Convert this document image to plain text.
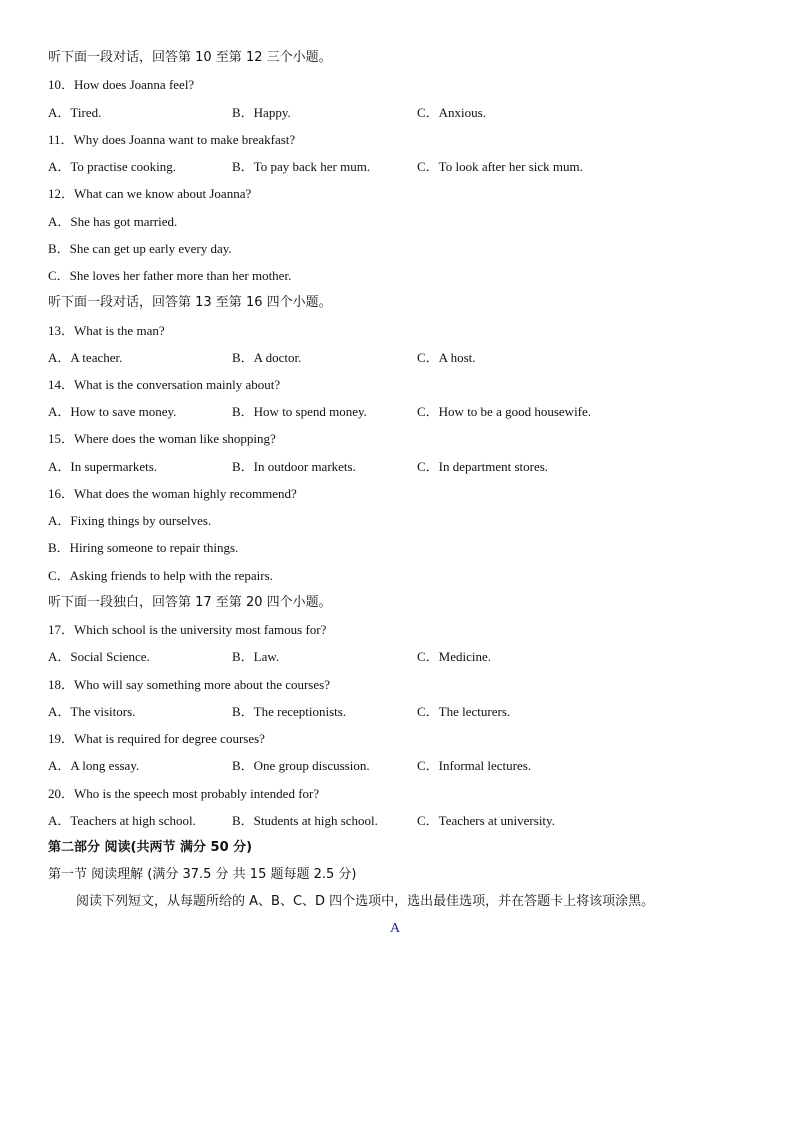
听下面一段对话，回答第 10 至第 12 三个小题。
10．How does Joanna feel?
A．Tired.	B．Happy.	C．Anxious.
11．Why does Joanna want to make breakfast?
A．To practise cooking.	B．To pay back her mum.	C．To look after her sick mum.
12．What can we know about Joanna?
A．She has got married.
B．She can get up early every day.
C．She loves her father more than her mother.
听下面一段对话，回答第 13 至第 16 四个小题。
13．What is the man?
A．A teacher.	B．A doctor.	C．A host.
14．What is the conversation mainly about?
A．How to save money.	B．How to spend money.	C．How to be a good housewife.
15．Where does the woman like shopping?
A．In supermarkets.	B．In outdoor markets.	C．In department stores.
16．What does the woman highly recommend?
A．Fixing things by ourselves.
B．Hiring someone to repair things.
C．Asking friends to help with the repairs.
听下面一段独白，回答第 17 至第 20 四个小题。
17．Which school is the university most famous for?
A．Social Science.	B．Law.	C．Medicine.
18．Who will say something more about the courses?
A．The visitors.	B．The receptionists.	C．The lecturers.
19．What is required for degree courses?
A．A long essay.	B．One group discussion.	C．Informal lectures.
20．Who is the speech most probably intended for?
A．Teachers at high school.	B．Students at high school.	C．Teachers at university.
第二部分 阅读(共两节 满分 50 分)
第一节 阅读理解 (满分 37.5 分 共 15 题每题 2.5 分)
阅读下列短文，从每题所给的 A、B、C、D 四个选项中，选出最佳选项，并在答题卡上将该项涂黑。
A
